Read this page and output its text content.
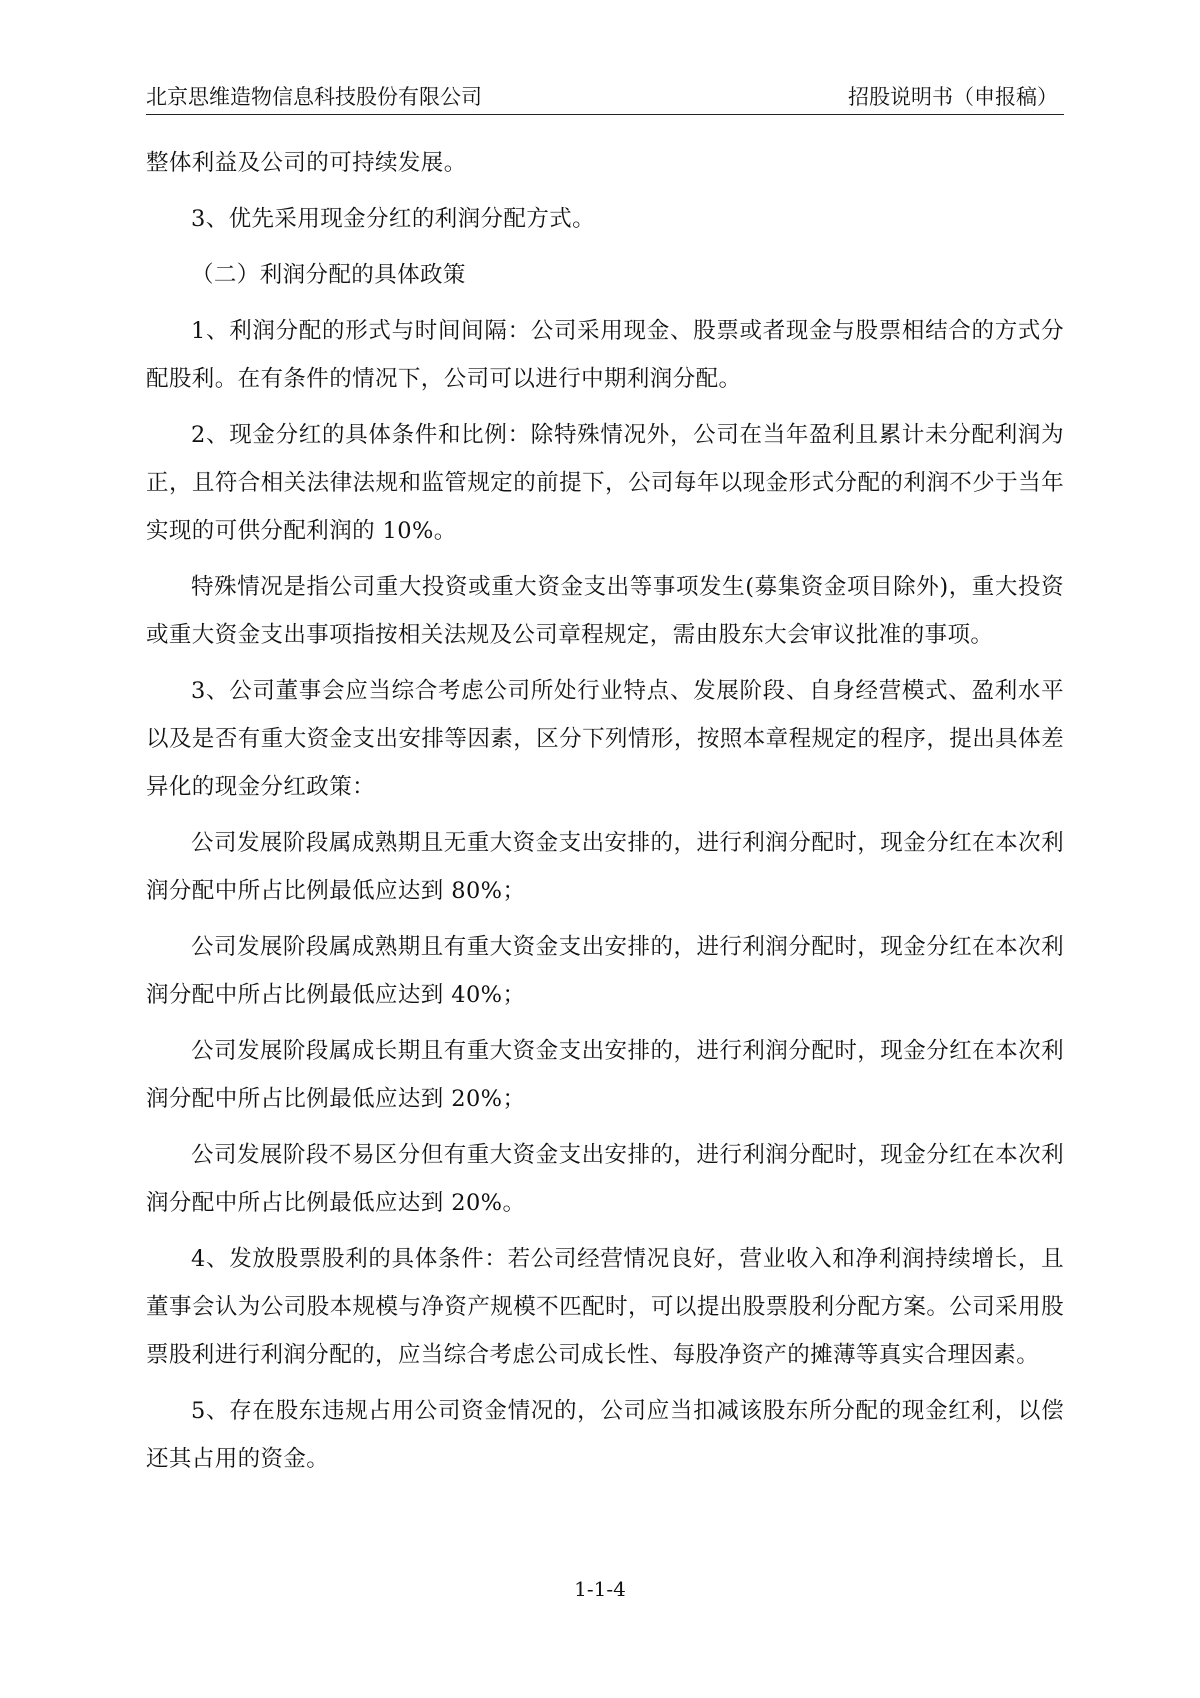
北京思维造物信息科技股份有限公司	招股说明书（申报稿）

整体利益及公司的可持续发展。

3、优先采用现金分红的利润分配方式。

（二）利润分配的具体政策

1、利润分配的形式与时间间隔：公司采用现金、股票或者现金与股票相结合的方式分配股利。在有条件的情况下，公司可以进行中期利润分配。

2、现金分红的具体条件和比例：除特殊情况外，公司在当年盈利且累计未分配利润为正，且符合相关法律法规和监管规定的前提下，公司每年以现金形式分配的利润不少于当年实现的可供分配利润的 10%。

特殊情况是指公司重大投资或重大资金支出等事项发生(募集资金项目除外)，重大投资或重大资金支出事项指按相关法规及公司章程规定，需由股东大会审议批准的事项。

3、公司董事会应当综合考虑公司所处行业特点、发展阶段、自身经营模式、盈利水平以及是否有重大资金支出安排等因素，区分下列情形，按照本章程规定的程序，提出具体差异化的现金分红政策：

公司发展阶段属成熟期且无重大资金支出安排的，进行利润分配时，现金分红在本次利润分配中所占比例最低应达到 80%；

公司发展阶段属成熟期且有重大资金支出安排的，进行利润分配时，现金分红在本次利润分配中所占比例最低应达到 40%；

公司发展阶段属成长期且有重大资金支出安排的，进行利润分配时，现金分红在本次利润分配中所占比例最低应达到 20%；

公司发展阶段不易区分但有重大资金支出安排的，进行利润分配时，现金分红在本次利润分配中所占比例最低应达到 20%。

4、发放股票股利的具体条件：若公司经营情况良好，营业收入和净利润持续增长，且董事会认为公司股本规模与净资产规模不匹配时，可以提出股票股利分配方案。公司采用股票股利进行利润分配的，应当综合考虑公司成长性、每股净资产的摊薄等真实合理因素。

5、存在股东违规占用公司资金情况的，公司应当扣减该股东所分配的现金红利，以偿还其占用的资金。

1-1-4
